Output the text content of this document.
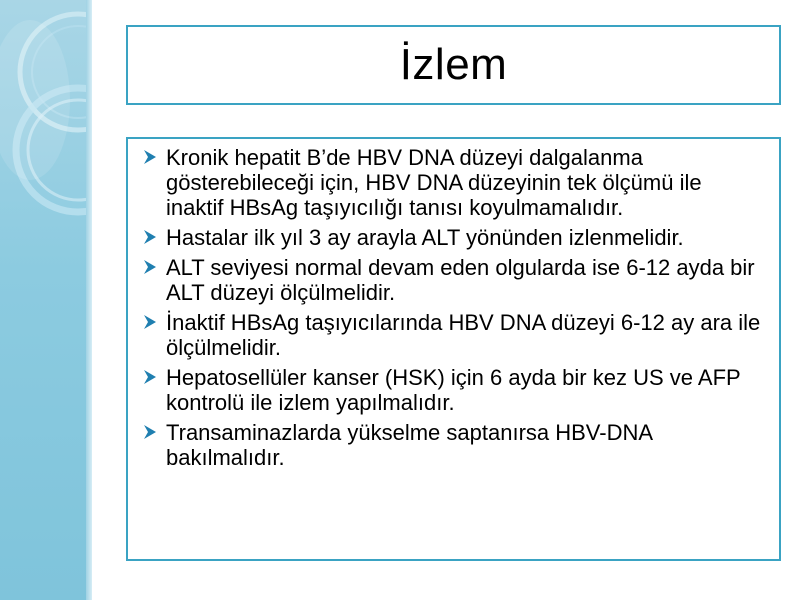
İzlem
Kronik hepatit B’de HBV DNA düzeyi dalgalanma gösterebileceği için, HBV DNA düzeyinin tek ölçümü ile inaktif HBsAg taşıyıcılığı tanısı koyulmamalıdır.
Hastalar ilk yıl 3 ay arayla ALT yönünden izlenmelidir.
ALT seviyesi normal devam eden olgularda ise 6-12 ayda bir ALT düzeyi ölçülmelidir.
İnaktif HBsAg taşıyıcılarında HBV DNA düzeyi 6-12 ay ara ile ölçülmelidir.
Hepatosellüler kanser (HSK) için 6 ayda bir kez US ve AFP kontrolü ile izlem yapılmalıdır.
Transaminazlarda yükselme saptanırsa HBV-DNA bakılmalıdır.
